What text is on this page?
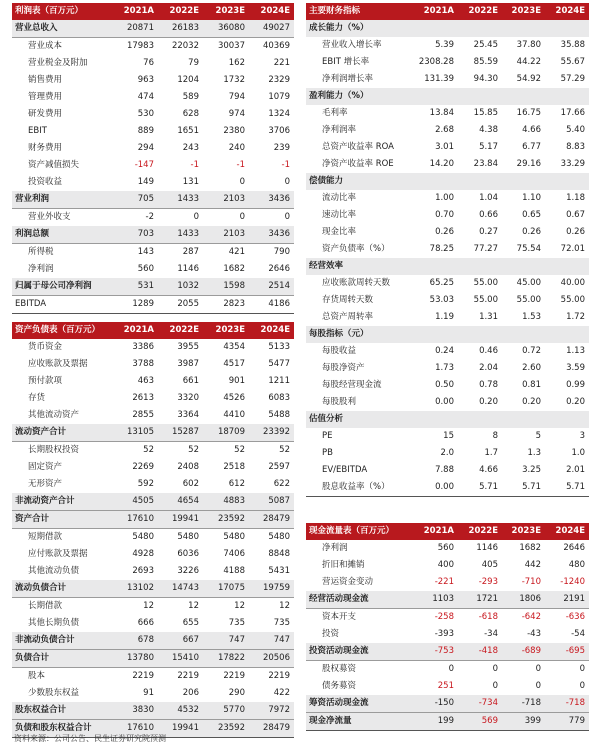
利润表（百万元）	2021A	2022E	2023E	2024E
营业总收入	20871	26183	36080	49027
营业成本	17983	22032	30037	40369
营业税金及附加	76	79	162	221
销售费用	963	1204	1732	2329
管理费用	474	589	794	1079
研发费用	530	628	974	1324
EBIT	889	1651	2380	3706
财务费用	294	243	240	239
资产减值损失	-147	-1	-1	-1
投资收益	149	131	0	0
营业利润	705	1433	2103	3436
营业外收支	-2	0	0	0
利润总额	703	1433	2103	3436
所得税	143	287	421	790
净利润	560	1146	1682	2646
归属于母公司净利润	531	1032	1598	2514
EBITDA	1289	2055	2823	4186
主要财务指标	2021A	2022E	2023E	2024E
成长能力（%）				
营业收入增长率	5.39	25.45	37.80	35.88
EBIT 增长率	2308.28	85.59	44.22	55.67
净利润增长率	131.39	94.30	54.92	57.29
盈利能力（%）				
毛利率	13.84	15.85	16.75	17.66
净利润率	2.68	4.38	4.66	5.40
总资产收益率 ROA	3.01	5.17	6.77	8.83
净资产收益率 ROE	14.20	23.84	29.16	33.29
偿债能力				
流动比率	1.00	1.04	1.10	1.18
速动比率	0.70	0.66	0.65	0.67
现金比率	0.26	0.27	0.26	0.26
资产负债率（%）	78.25	77.27	75.54	72.01
经营效率				
应收账款周转天数	65.25	55.00	45.00	40.00
存货周转天数	53.03	55.00	55.00	55.00
总资产周转率	1.19	1.31	1.53	1.72
每股指标（元）				
每股收益	0.24	0.46	0.72	1.13
每股净资产	1.73	2.04	2.60	3.59
每股经营现金流	0.50	0.78	0.81	0.99
每股股利	0.00	0.20	0.20	0.20
估值分析				
PE	15	8	5	3
PB	2.0	1.7	1.3	1.0
EV/EBITDA	7.88	4.66	3.25	2.01
股息收益率（%）	0.00	5.71	5.71	5.71
资产负债表（百万元）	2021A	2022E	2023E	2024E
货币资金	3386	3955	4354	5133
应收账款及票据	3788	3987	4517	5477
预付款项	463	661	901	1211
存货	2613	3320	4526	6083
其他流动资产	2855	3364	4410	5488
流动资产合计	13105	15287	18709	23392
长期股权投资	52	52	52	52
固定资产	2269	2408	2518	2597
无形资产	592	602	612	622
非流动资产合计	4505	4654	4883	5087
资产合计	17610	19941	23592	28479
短期借款	5480	5480	5480	5480
应付账款及票据	4928	6036	7406	8848
其他流动负债	2693	3226	4188	5431
流动负债合计	13102	14743	17075	19759
长期借款	12	12	12	12
其他长期负债	666	655	735	735
非流动负债合计	678	667	747	747
负债合计	13780	15410	17822	20506
股本	2219	2219	2219	2219
少数股东权益	91	206	290	422
股东权益合计	3830	4532	5770	7972
负债和股东权益合计	17610	19941	23592	28479
现金流量表（百万元）	2021A	2022E	2023E	2024E
净利润	560	1146	1682	2646
折旧和摊销	400	405	442	480
营运资金变动	-221	-293	-710	-1240
经营活动现金流	1103	1721	1806	2191
资本开支	-258	-618	-642	-636
投资	-393	-34	-43	-54
投资活动现金流	-753	-418	-689	-695
股权募资	0	0	0	0
债务募资	251	0	0	0
筹资活动现金流	-150	-734	-718	-718
现金净流量	199	569	399	779
资料来源：公司公告、民生证券研究院预测
